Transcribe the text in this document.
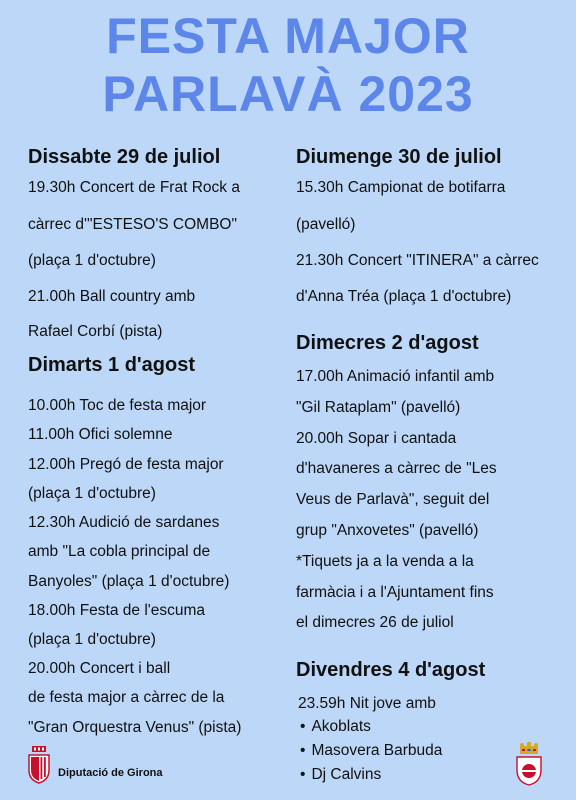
FESTA MAJOR
PARLAVÀ 2023
Dissabte 29 de juliol
19.30h Concert de Frat Rock a
càrrec d'"ESTESO'S COMBO"
(plaça 1 d'octubre)
21.00h Ball country amb
Rafael Corbí (pista)
Dimarts 1 d'agost
10.00h Toc de festa major
11.00h Ofici solemne
12.00h Pregó de festa major
(plaça 1 d'octubre)
12.30h Audició de sardanes
amb "La cobla principal de
Banyoles" (plaça 1 d'octubre)
18.00h Festa de l'escuma
(plaça 1 d'octubre)
20.00h Concert i ball
de festa major a càrrec de la
"Gran Orquestra Venus" (pista)
Diumenge 30 de juliol
15.30h Campionat de botifarra
(pavelló)
21.30h Concert "ITINERA" a càrrec
d'Anna Tréa (plaça 1 d'octubre)
Dimecres 2 d'agost
17.00h Animació infantil amb
"Gil Rataplam" (pavelló)
20.00h Sopar i cantada
d'havaneres a càrrec de "Les
Veus de Parlavà", seguit del
grup "Anxovetes" (pavelló)
*Tiquets ja a la venda a la
farmàcia i a l'Ajuntament fins
el dimecres 26 de juliol
Divendres 4 d'agost
23.59h Nit jove amb
• Akoblats
• Masovera Barbuda
• Dj Calvins
Diputació de Girona
